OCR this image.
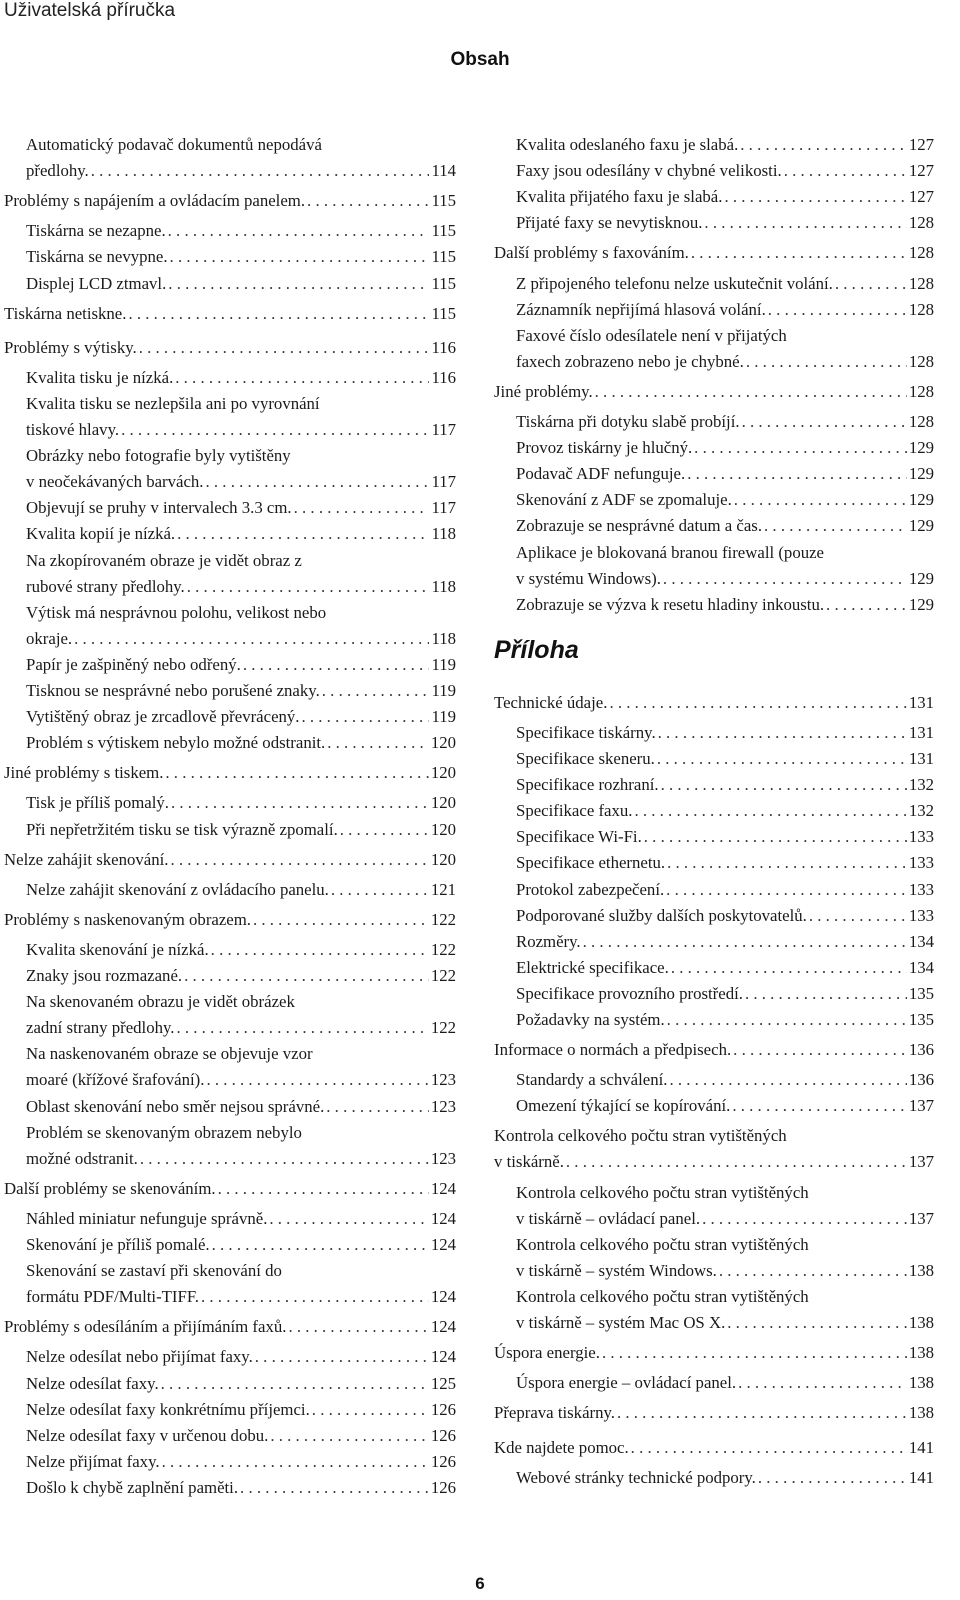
Uživatelská příručka
Obsah
Automatický podavač dokumentů nepodává
předlohy. . . .	114
Problémy s napájením a ovládacím panelem. . . .	115
Tiskárna se nezapne. . . .	115
Tiskárna se nevypne. . . .	115
Displej LCD ztmavl. . . .	115
Tiskárna netiskne. . . .	115
Problémy s výtisky. . . .	116
Kvalita tisku je nízká. . . .	116
Kvalita tisku se nezlepšila ani po vyrovnání
tiskové hlavy. . . .	117
Obrázky nebo fotografie byly vytištěny
v neočekávaných barvách. . . .	117
Objevují se pruhy v intervalech 3.3 cm. . . .	117
Kvalita kopií je nízká. . . .	118
Na zkopírovaném obraze je vidět obraz z
rubové strany předlohy. . . .	118
Výtisk má nesprávnou polohu, velikost nebo
okraje. . . .	118
Papír je zašpiněný nebo odřený. . . .	119
Tisknou se nesprávné nebo porušené znaky. . . .	119
Vytištěný obraz je zrcadlově převrácený. . . .	119
Problém s výtiskem nebylo možné odstranit. . . .	120
Jiné problémy s tiskem. . . .	120
Tisk je příliš pomalý. . . .	120
Při nepřetržitém tisku se tisk výrazně zpomalí. . . .	120
Nelze zahájit skenování. . . .	120
Nelze zahájit skenování z ovládacího panelu. . . .	121
Problémy s naskenovaným obrazem. . . .	122
Kvalita skenování je nízká. . . .	122
Znaky jsou rozmazané. . . .	122
Na skenovaném obrazu je vidět obrázek
zadní strany předlohy. . . .	122
Na naskenovaném obraze se objevuje vzor
moaré (křížové šrafování). . . .	123
Oblast skenování nebo směr nejsou správné. . . .	123
Problém se skenovaným obrazem nebylo
možné odstranit. . . .	123
Další problémy se skenováním. . . .	124
Náhled miniatur nefunguje správně. . . .	124
Skenování je příliš pomalé. . . .	124
Skenování se zastaví při skenování do
formátu PDF/Multi-TIFF. . . .	124
Problémy s odesíláním a přijímáním faxů. . . .	124
Nelze odesílat nebo přijímat faxy. . . .	124
Nelze odesílat faxy. . . .	125
Nelze odesílat faxy konkrétnímu příjemci. . . .	126
Nelze odesílat faxy v určenou dobu. . . .	126
Nelze přijímat faxy. . . .	126
Došlo k chybě zaplnění paměti. . . .	126
Kvalita odeslaného faxu je slabá. . . .	127
Faxy jsou odesílány v chybné velikosti. . . .	127
Kvalita přijatého faxu je slabá. . . .	127
Přijaté faxy se nevytisknou. . . .	128
Další problémy s faxováním. . . .	128
Z připojeného telefonu nelze uskutečnit volání. . . .	128
Záznamník nepřijímá hlasová volání. . . .	128
Faxové číslo odesílatele není v přijatých
faxech zobrazeno nebo je chybné. . . .	128
Jiné problémy. . . .	128
Tiskárna při dotyku slabě probíjí. . . .	128
Provoz tiskárny je hlučný. . . .	129
Podavač ADF nefunguje. . . .	129
Skenování z ADF se zpomaluje. . . .	129
Zobrazuje se nesprávné datum a čas. . . .	129
Aplikace je blokovaná branou firewall (pouze
v systému Windows). . . .	129
Zobrazuje se výzva k resetu hladiny inkoustu. . . .	129
Příloha
Technické údaje. . . .	131
Specifikace tiskárny. . . .	131
Specifikace skeneru. . . .	131
Specifikace rozhraní. . . .	132
Specifikace faxu. . . .	132
Specifikace Wi-Fi. . . .	133
Specifikace ethernetu. . . .	133
Protokol zabezpečení. . . .	133
Podporované služby dalších poskytovatelů. . . .	133
Rozměry. . . .	134
Elektrické specifikace. . . .	134
Specifikace provozního prostředí. . . .	135
Požadavky na systém. . . .	135
Informace o normách a předpisech. . . .	136
Standardy a schválení. . . .	136
Omezení týkající se kopírování. . . .	137
Kontrola celkového počtu stran vytištěných
v tiskárně. . . .	137
Kontrola celkového počtu stran vytištěných
v tiskárně – ovládací panel. . . .	137
Kontrola celkového počtu stran vytištěných
v tiskárně – systém Windows. . . .	138
Kontrola celkového počtu stran vytištěných
v tiskárně – systém Mac OS X. . . .	138
Úspora energie. . . .	138
Úspora energie – ovládací panel. . . .	138
Přeprava tiskárny. . . .	138
Kde najdete pomoc. . . .	141
Webové stránky technické podpory. . . .	141
6
